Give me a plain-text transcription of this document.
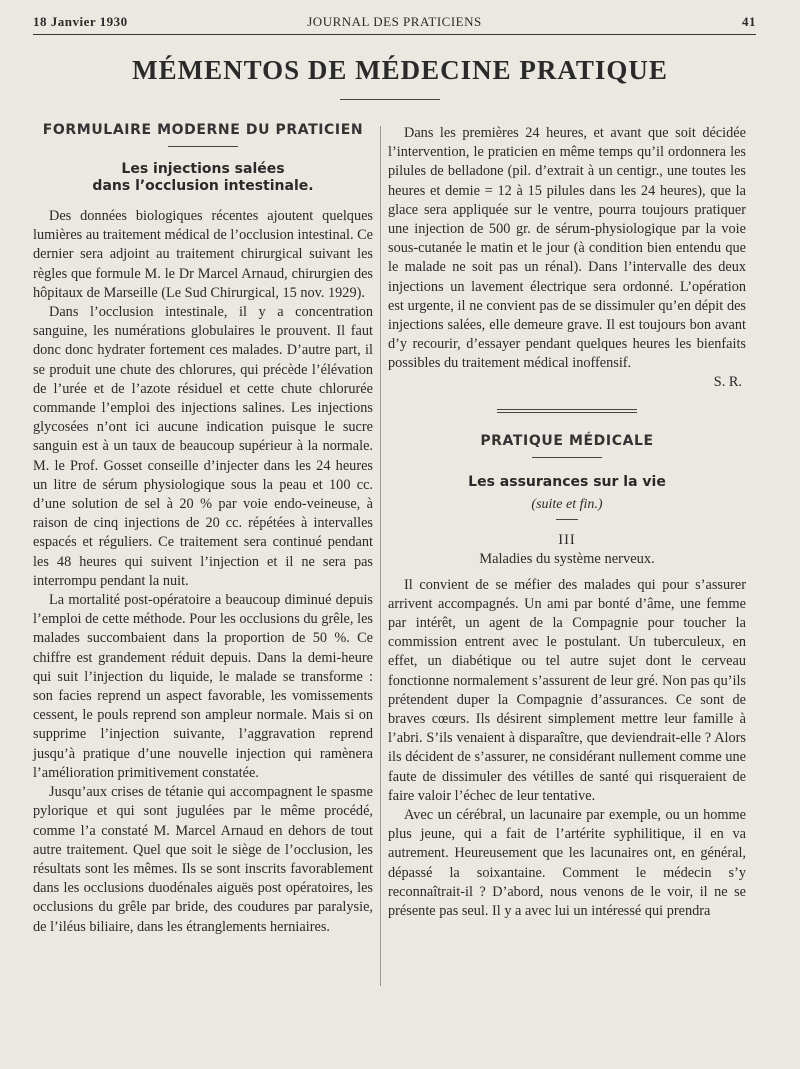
18 Janvier 1930	JOURNAL DES PRATICIENS	41
MÉMENTOS DE MÉDECINE PRATIQUE
FORMULAIRE MODERNE DU PRATICIEN
Les injections salées
dans l’occlusion intestinale.

Des données biologiques récentes ajoutent quelques lumières au traitement médical de l’occlusion intestinal. Ce dernier sera adjoint au traitement chirurgical suivant les règles que formule M. le Dr Marcel Arnaud, chirurgien des hôpitaux de Marseille (Le Sud Chirurgical, 15 nov. 1929).

Dans l’occlusion intestinale, il y a concentration sanguine, les numérations globulaires le prouvent. Il faut donc donc hydrater fortement ces malades. D’autre part, il se produit une chute des chlorures, qui précède l’élévation de l’urée et de l’azote résiduel et cette chute chlorurée commande l’emploi des injections salines. Les injections glycosées n’ont ici aucune indication puisque le sucre sanguin est à un taux de beaucoup supérieur à la normale. M. le Prof. Gosset conseille d’injecter dans les 24 heures un litre de sérum physiologique sous la peau et 100 cc. d’une solution de sel à 20 % par voie endo-veineuse, à raison de cinq injections de 20 cc. répétées à intervalles espacés et réguliers. Ce traitement sera continué pendant les 48 heures qui suivent l’injection et il ne sera pas interrompu pendant la nuit.

La mortalité post-opératoire a beaucoup diminué depuis l’emploi de cette méthode. Pour les occlusions du grêle, les malades succombaient dans la proportion de 50 %. Ce chiffre est grandement réduit depuis. Dans la demi-heure qui suit l’injection du liquide, le malade se transforme : son facies reprend un aspect favorable, les vomissements cessent, le pouls reprend son ampleur normale. Mais si on supprime l’injection suivante, l’aggravation reprend jusqu’à pratique d’une nouvelle injection qui ramènera l’amélioration primitivement constatée.

Jusqu’aux crises de tétanie qui accompagnent le spasme pylorique et qui sont jugulées par le même procédé, comme l’a constaté M. Marcel Arnaud en dehors de tout autre traitement. Quel que soit le siège de l’occlusion, les résultats sont les mêmes. Ils se sont inscrits favorablement dans les occlusions duodénales aiguës post opératoires, les occlusions du grêle par bride, des coudures par paralysie, de l’iléus biliaire, dans les étranglements herniaires.

Dans les premières 24 heures, et avant que soit décidée l’intervention, le praticien en même temps qu’il ordonnera les pilules de belladone (pil. d’extrait à un centigr., une toutes les heures et demie = 12 à 15 pilules dans les 24 heures), que la glace sera appliquée sur le ventre, pourra toujours pratiquer une injection de 500 gr. de sérum-physiologique par la voie sous-cutanée le matin et le jour (à condition bien entendu que le malade ne soit pas un rénal). Dans l’intervalle des deux injections un lavement électrique sera ordonné. L’opération est urgente, il ne convient pas de se dissimuler qu’en dépit des injections salées, elle demeure grave. Il est toujours bon avant d’y recourir, d’essayer pendant quelques heures les bienfaits possibles du traitement médical inoffensif.

S. R.
PRATIQUE MÉDICALE
Les assurances sur la vie
(suite et fin.)
III
Maladies du système nerveux.

Il convient de se méfier des malades qui pour s’assurer arrivent accompagnés. Un ami par bonté d’âme, une femme par intérêt, un agent de la Compagnie pour toucher la commission entrent avec le postulant. Un tuberculeux, en effet, un diabétique ou tel autre sujet dont le cerveau fonctionne normalement s’assurent de leur gré. Non pas qu’ils prétendent duper la Compagnie d’assurances. Ce sont de braves cœurs. Ils désirent simplement mettre leur famille à l’abri. S’ils venaient à disparaître, que deviendrait-elle ? Alors ils décident de s’assurer, ne considérant nullement comme une faute de dissimuler des vétilles de santé qui risqueraient de faire valoir l’échec de leur tentative.

Avec un cérébral, un lacunaire par exemple, ou un homme plus jeune, qui a fait de l’artérite syphilitique, il en va autrement. Heureusement que les lacunaires ont, en général, dépassé la soixantaine. Comment le médecin s’y reconnaîtrait-il ? D’abord, nous venons de le voir, il ne se présente pas seul. Il y a avec lui un intéressé qui prendra
